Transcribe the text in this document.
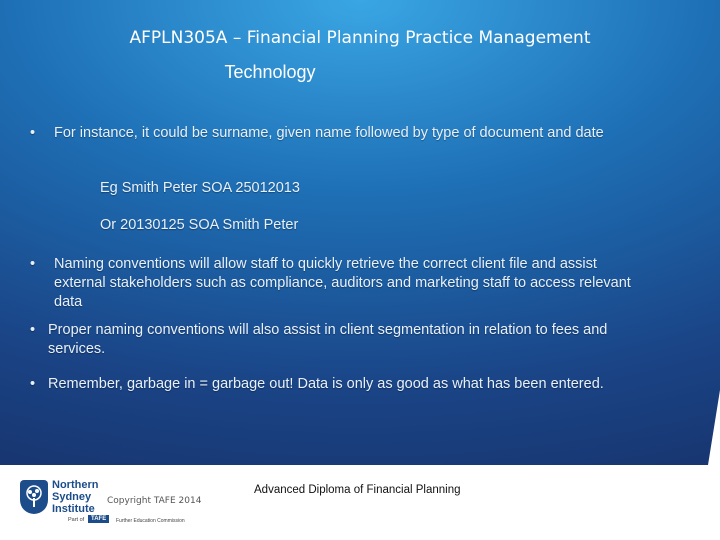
AFPLN305A – Financial Planning Practice Management
Technology
• For instance, it could be surname, given name followed by type of document and date
Eg Smith Peter SOA 25012013
Or 20130125 SOA Smith Peter
• Naming conventions will allow staff to quickly retrieve the correct client file and assist external stakeholders such as compliance, auditors and marketing staff to access relevant data
• Proper naming conventions will also assist in client segmentation in relation to fees and services.
• Remember, garbage in = garbage out! Data is only as good as what has been entered.
Northern
Sydney
Institute
Part of	TAFE	Further Education Commission
Copyright TAFE 2014
Advanced Diploma of Financial Planning
